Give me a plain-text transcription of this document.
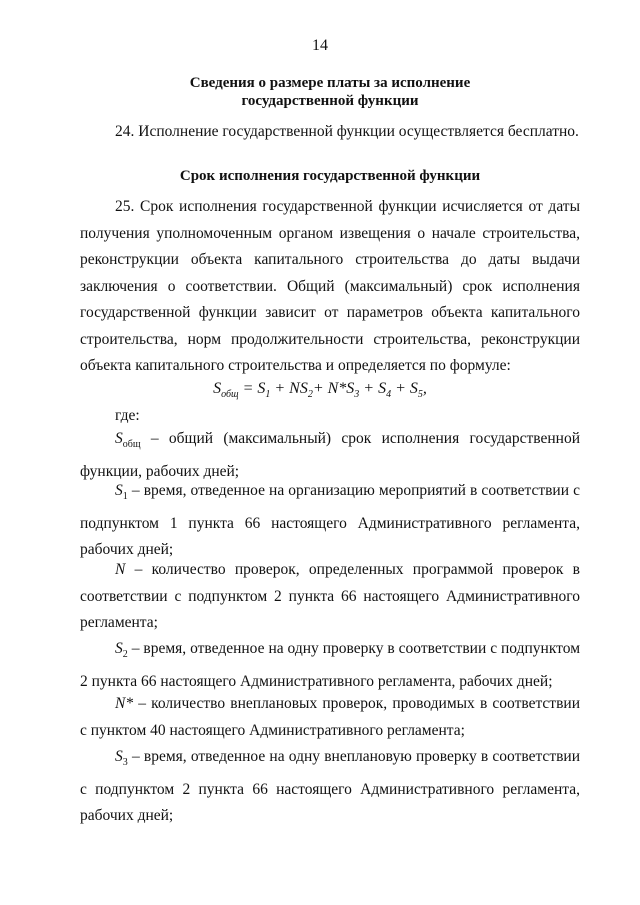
14
Сведения о размере платы за исполнение
государственной функции
24. Исполнение государственной функции осуществляется бесплатно.
Срок исполнения государственной функции
25. Срок исполнения государственной функции исчисляется от даты получения уполномоченным органом извещения о начале строительства, реконструкции объекта капитального строительства до даты выдачи заключения о соответствии. Общий (максимальный) срок исполнения государственной функции зависит от параметров объекта капитального строительства, норм продолжительности строительства, реконструкции объекта капитального строительства и определяется по формуле:
$S_{общ} = S_1 + NS_2+ N*S_3 + S_4 + S_5$,
где:
$S_{общ}$ – общий (максимальный) срок исполнения государственной функции, рабочих дней;
$S_1$ – время, отведенное на организацию мероприятий в соответствии с подпунктом 1 пункта 66 настоящего Административного регламента, рабочих дней;
N – количество проверок, определенных программой проверок в соответствии с подпунктом 2 пункта 66 настоящего Административного регламента;
$S_2$ – время, отведенное на одну проверку в соответствии с подпунктом 2 пункта 66 настоящего Административного регламента, рабочих дней;
N* – количество внеплановых проверок, проводимых в соответствии с пунктом 40 настоящего Административного регламента;
$S_3$ – время, отведенное на одну внеплановую проверку в соответствии с подпунктом 2 пункта 66 настоящего Административного регламента, рабочих дней;
